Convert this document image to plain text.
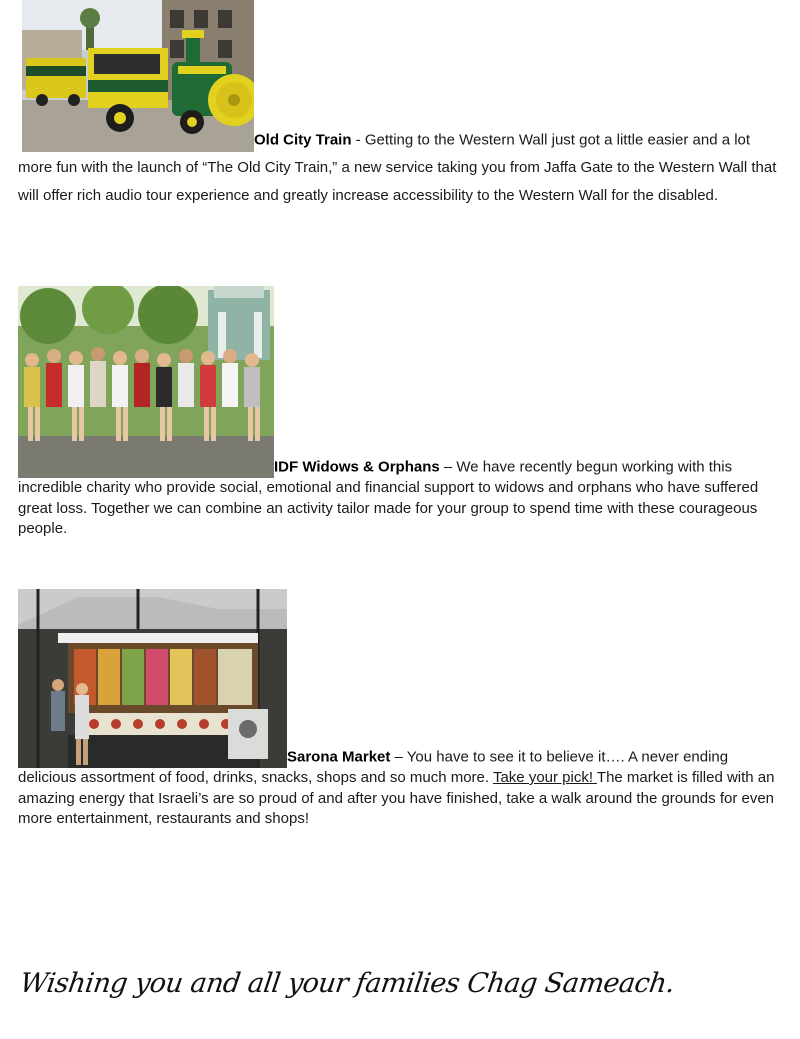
Old City Train - Getting to the Western Wall just got a little easier and a lot more fun with the launch of “The Old City Train,” a new service taking you from Jaffa Gate to the Western Wall that will offer rich audio tour experience and greatly increase accessibility to the Western Wall for the disabled.

IDF Widows & Orphans – We have recently begun working with this incredible charity who provide social, emotional and financial support to widows and orphans who have suffered great loss. Together we can combine an activity tailor made for your group to spend time with these courageous people.

Sarona Market – You have to see it to believe it…. A never ending delicious assortment of food, drinks, snacks, shops and so much more. Take your pick! The market is filled with an amazing energy that Israeli’s are so proud of and after you have finished, take a walk around the grounds for even more entertainment, restaurants and shops!

Wishing you and all your families Chag Sameach.
